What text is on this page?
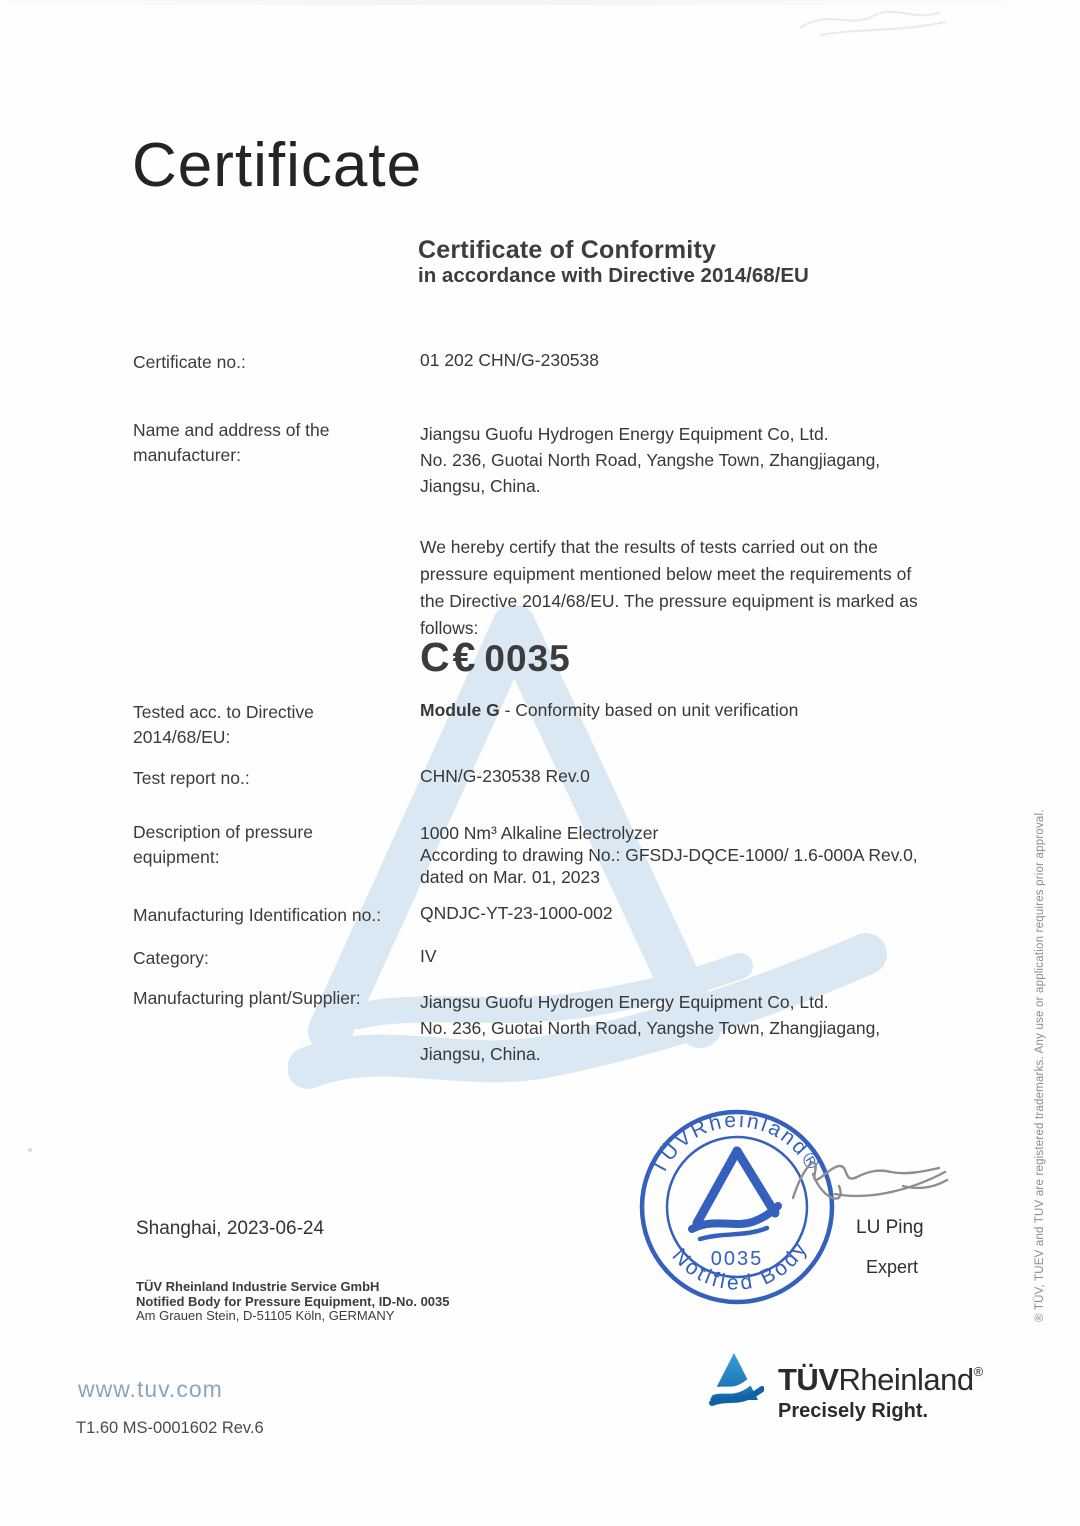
Certificate
Certificate of Conformity
in accordance with Directive 2014/68/EU
Certificate no.:	01 202 CHN/G-230538
Name and address of the manufacturer:
Jiangsu Guofu Hydrogen Energy Equipment Co, Ltd.
No. 236, Guotai North Road, Yangshe Town, Zhangjiagang,
Jiangsu, China.
We hereby certify that the results of tests carried out on the
pressure equipment mentioned below meet the requirements of
the Directive 2014/68/EU. The pressure equipment is marked as
follows:
C€ 0035
Tested acc. to Directive 2014/68/EU:
Module G - Conformity based on unit verification
Test report no.:	CHN/G-230538 Rev.0
Description of pressure equipment:
1000 Nm³ Alkaline Electrolyzer
According to drawing No.: GFSDJ-DQCE-1000/ 1.6-000A Rev.0,
dated on Mar. 01, 2023
Manufacturing Identification no.:	QNDJC-YT-23-1000-002
Category:	IV
Manufacturing plant/Supplier:	Jiangsu Guofu Hydrogen Energy Equipment Co, Ltd.
No. 236, Guotai North Road, Yangshe Town, Zhangjiagang,
Jiangsu, China.
TÜVRheinland®
Notified Body
0035
LU Ping
Expert
Shanghai, 2023-06-24
TÜV Rheinland Industrie Service GmbH
Notified Body for Pressure Equipment, ID-No. 0035
Am Grauen Stein, D-51105 Köln, GERMANY
www.tuv.com
T1.60 MS-0001602 Rev.6
TÜVRheinland®
Precisely Right.
® TÜV, TUEV and TUV are registered trademarks. Any use or application requires prior approval.
